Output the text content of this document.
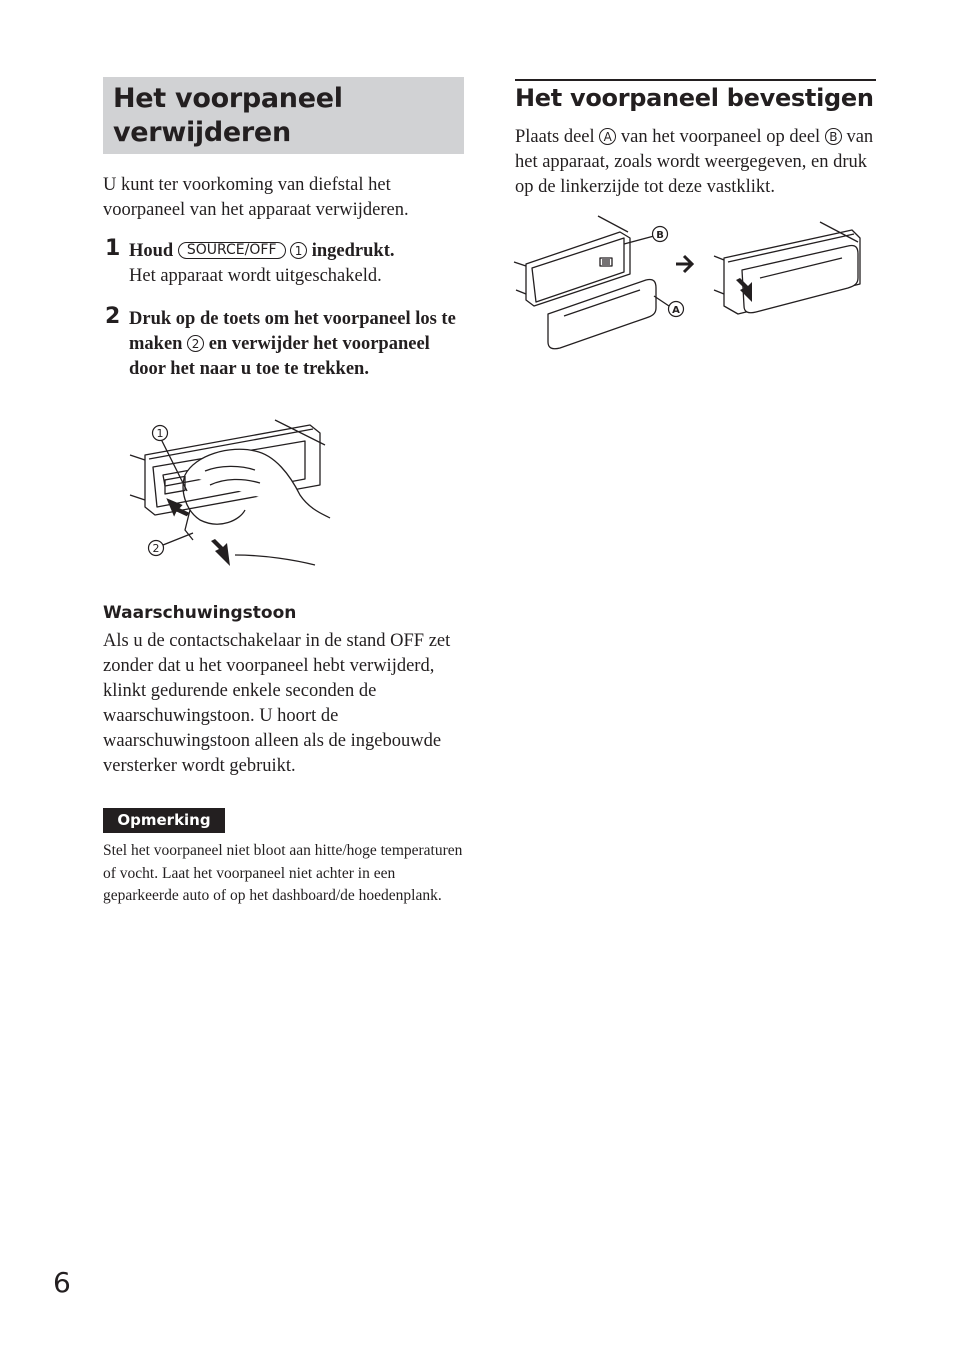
Het voorpaneel verwijderen

U kunt ter voorkoming van diefstal het voorpaneel van het apparaat verwijderen.

1 Houd SOURCE/OFF 1 ingedrukt.
Het apparaat wordt uitgeschakeld.

2 Druk op de toets om het voorpaneel los te maken 2 en verwijder het voorpaneel door het naar u toe te trekken.

1
2
Waarschuwingstoon

Als u de contactschakelaar in de stand OFF zet zonder dat u het voorpaneel hebt verwijderd, klinkt gedurende enkele seconden de waarschuwingstoon. U hoort de waarschuwingstoon alleen als de ingebouwde versterker wordt gebruikt.

Opmerking

Stel het voorpaneel niet bloot aan hitte/hoge temperaturen of vocht. Laat het voorpaneel niet achter in een geparkeerde auto of op het dashboard/de hoedenplank.

Het voorpaneel bevestigen

Plaats deel A van het voorpaneel op deel B van het apparaat, zoals wordt weergegeven, en druk op de linkerzijde tot deze vastklikt.

B
A
6
